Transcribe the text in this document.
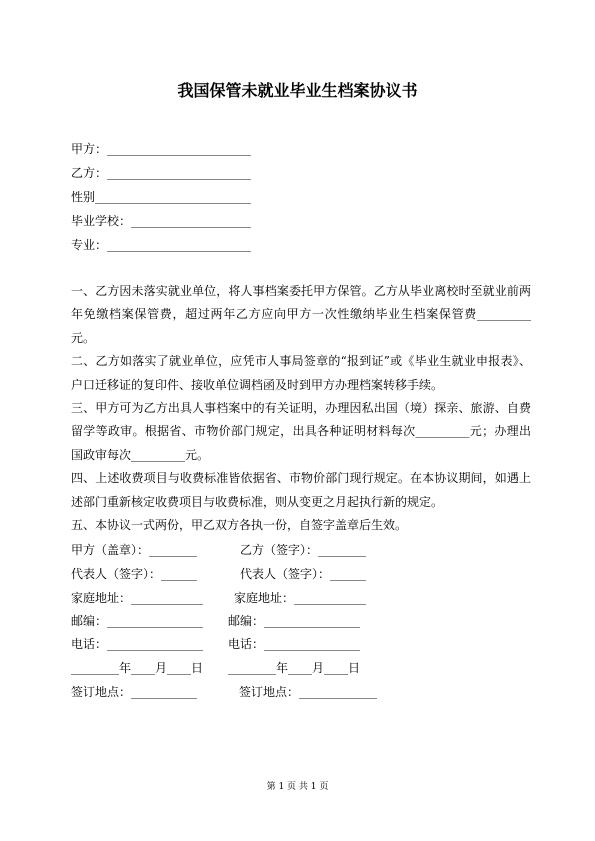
我国保管未就业毕业生档案协议书
甲方：________________________
乙方：________________________
性别__________________________
毕业学校：____________________
专业：________________________

一、乙方因未落实就业单位，将人事档案委托甲方保管。乙方从毕业离校时至就业前两年免缴档案保管费，超过两年乙方应向甲方一次性缴纳毕业生档案保管费_________元。

二、乙方如落实了就业单位，应凭市人事局签章的“报到证”或《毕业生就业申报表》、户口迁移证的复印件、接收单位调档函及时到甲方办理档案转移手续。

三、甲方可为乙方出具人事档案中的有关证明，办理因私出国（境）探亲、旅游、自费留学等政审。根据省、市物价部门规定，出具各种证明材料每次_________元；办理出国政审每次_________元。

四、上述收费项目与收费标准皆依据省、市物价部门现行规定。在本协议期间，如遇上述部门重新核定收费项目与收费标准，则从变更之月起执行新的规定。

五、本协议一式两份，甲乙双方各执一份，自签字盖章后生效。

甲方（盖章）：________	乙方（签字）：________
代表人（签字）：______	代表人（签字）：______
家庭地址：____________	家庭地址：____________
邮编：________________ 邮编：________________
电话：________________ 电话：________________
________年____月____日 ________年____月____日
签订地点：___________	签订地点：_____________
第 1 页 共 1 页
